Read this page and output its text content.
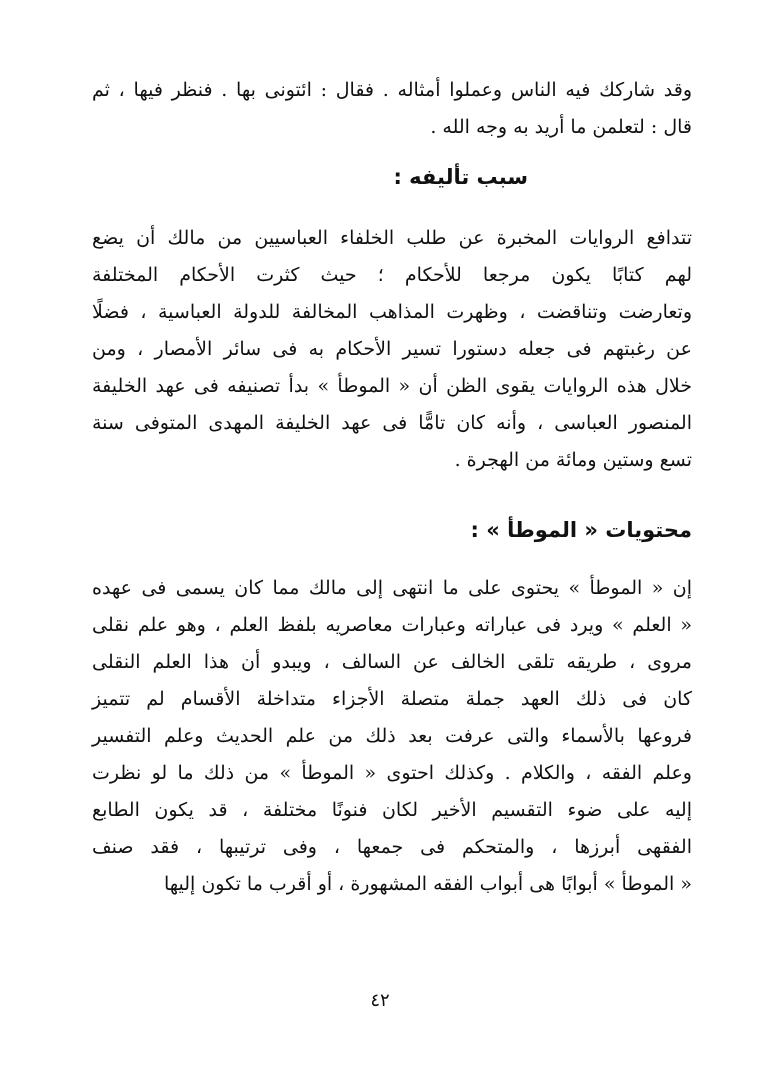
وقد شاركك فيه الناس وعملوا أمثاله . فقال : ائتونى بها . فنظر فيها ، ثم
قال : لتعلمن ما أريد به وجه الله .
سبب تأليفه :
تتدافع الروايات المخبرة عن طلب الخلفاء العباسيين من مالك أن يضع
لهم كتابًا يكون مرجعا للأحكام ؛ حيث كثرت الأحكام المختلفة
وتعارضت وتناقضت ، وظهرت المذاهب المخالفة للدولة العباسية ، فضلًا
عن رغبتهم فى جعله دستورا تسير الأحكام به فى سائر الأمصار ، ومن
خلال هذه الروايات يقوى الظن أن « الموطأ » بدأ تصنيفه فى عهد الخليفة
المنصور العباسى ، وأنه كان تامًّا فى عهد الخليفة المهدى المتوفى سنة
تسع وستين ومائة من الهجرة .
محتويات « الموطأ » :
إن « الموطأ » يحتوى على ما انتهى إلى مالك مما كان يسمى فى عهده
« العلم » ويرد فى عباراته وعبارات معاصريه بلفظ العلم ، وهو علم نقلى
مروى ، طريقه تلقى الخالف عن السالف ، ويبدو أن هذا العلم النقلى
كان فى ذلك العهد جملة متصلة الأجزاء متداخلة الأقسام لم تتميز
فروعها بالأسماء والتى عرفت بعد ذلك من علم الحديث وعلم التفسير
وعلم الفقه ، والكلام . وكذلك احتوى « الموطأ » من ذلك ما لو نظرت
إليه على ضوء التقسيم الأخير لكان فنونًا مختلفة ، قد يكون الطابع
الفقهى أبرزها ، والمتحكم فى جمعها ، وفى ترتيبها ، فقد صنف
« الموطأ » أبوابًا هى أبواب الفقه المشهورة ، أو أقرب ما تكون إليها
٤٢
